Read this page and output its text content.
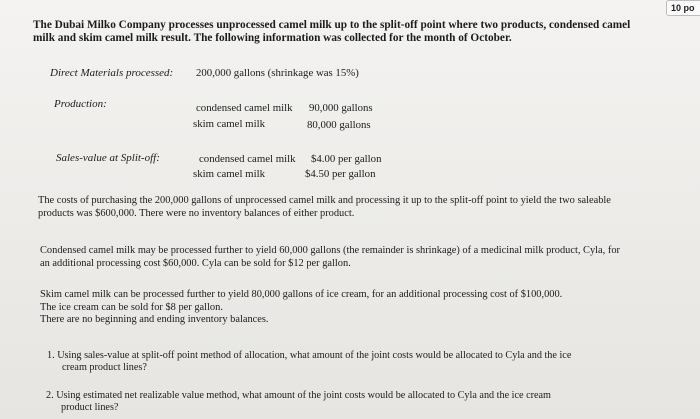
10 po
The Dubai Milko Company processes unprocessed camel milk up to the split-off point where two products, condensed camel milk and skim camel milk result. The following information was collected for the month of October.
Direct Materials processed: 200,000 gallons (shrinkage was 15%)
Production:	condensed camel milk 90,000 gallons
skim camel milk	80,000 gallons
Sales-value at Split-off:	condensed camel milk $4.00 per gallon
skim camel milk	$4.50 per gallon
The costs of purchasing the 200,000 gallons of unprocessed camel milk and processing it up to the split-off point to yield the two saleable products was $600,000. There were no inventory balances of either product.
Condensed camel milk may be processed further to yield 60,000 gallons (the remainder is shrinkage) of a medicinal milk product, Cyla, for an additional processing cost $60,000. Cyla can be sold for $12 per gallon.
Skim camel milk can be processed further to yield 80,000 gallons of ice cream, for an additional processing cost of $100,000.
The ice cream can be sold for $8 per gallon.
There are no beginning and ending inventory balances.
1. Using sales-value at split-off point method of allocation, what amount of the joint costs would be allocated to Cyla and the ice
cream product lines?
2. Using estimated net realizable value method, what amount of the joint costs would be allocated to Cyla and the ice cream
product lines?
